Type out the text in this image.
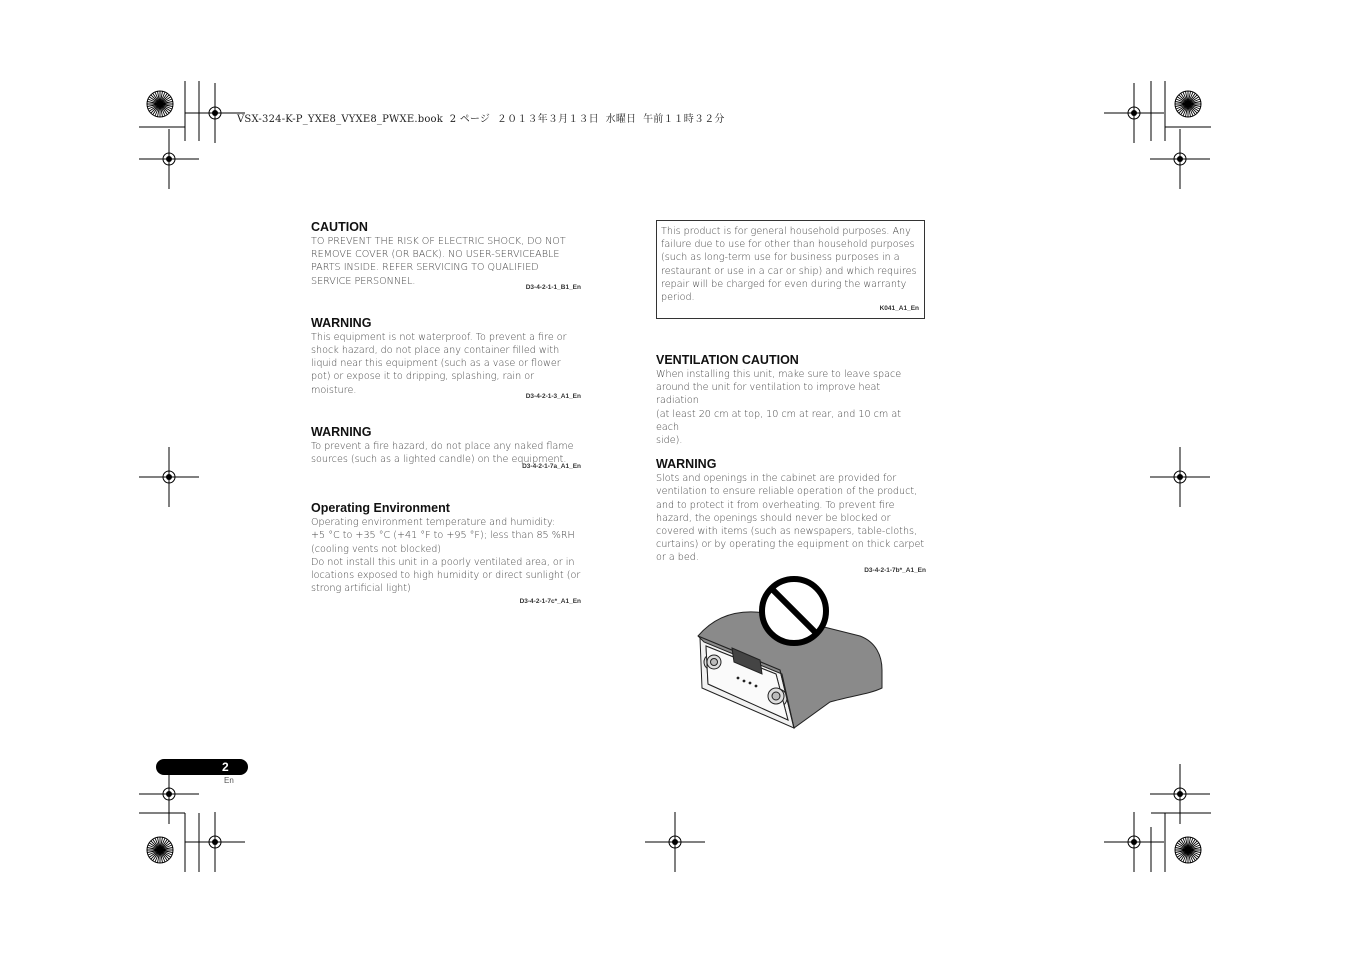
VSX-324-K-P_YXE8_VYXE8_PWXE.book  2 ページ  ２０１３年３月１３日  水曜日  午前１１時３２分
CAUTION
TO PREVENT THE RISK OF ELECTRIC SHOCK, DO NOT
REMOVE COVER (OR BACK). NO USER-SERVICEABLE
PARTS INSIDE. REFER SERVICING TO QUALIFIED
SERVICE PERSONNEL.
D3-4-2-1-1_B1_En
WARNING
This equipment is not waterproof. To prevent a fire or
shock hazard, do not place any container filled with
liquid near this equipment (such as a vase or flower
pot) or expose it to dripping, splashing, rain or
moisture.
D3-4-2-1-3_A1_En
WARNING
To prevent a fire hazard, do not place any naked flame
sources (such as a lighted candle) on the equipment.
D3-4-2-1-7a_A1_En
Operating Environment
Operating environment temperature and humidity:
+5 °C to +35 °C (+41 °F to +95 °F); less than 85 %RH
(cooling vents not blocked)
Do not install this unit in a poorly ventilated area, or in
locations exposed to high humidity or direct sunlight (or
strong artificial light)
D3-4-2-1-7c*_A1_En
This product is for general household purposes. Any
failure due to use for other than household purposes
(such as long-term use for business purposes in a
restaurant or use in a car or ship) and which requires
repair will be charged for even during the warranty
period.
K041_A1_En
VENTILATION CAUTION
When installing this unit, make sure to leave space
around the unit for ventilation to improve heat radiation
(at least 20 cm at top, 10 cm at rear, and 10 cm at each
side).
WARNING
Slots and openings in the cabinet are provided for
ventilation to ensure reliable operation of the product,
and to protect it from overheating. To prevent fire
hazard, the openings should never be blocked or
covered with items (such as newspapers, table-cloths,
curtains) or by operating the equipment on thick carpet
or a bed.
D3-4-2-1-7b*_A1_En
2
En
